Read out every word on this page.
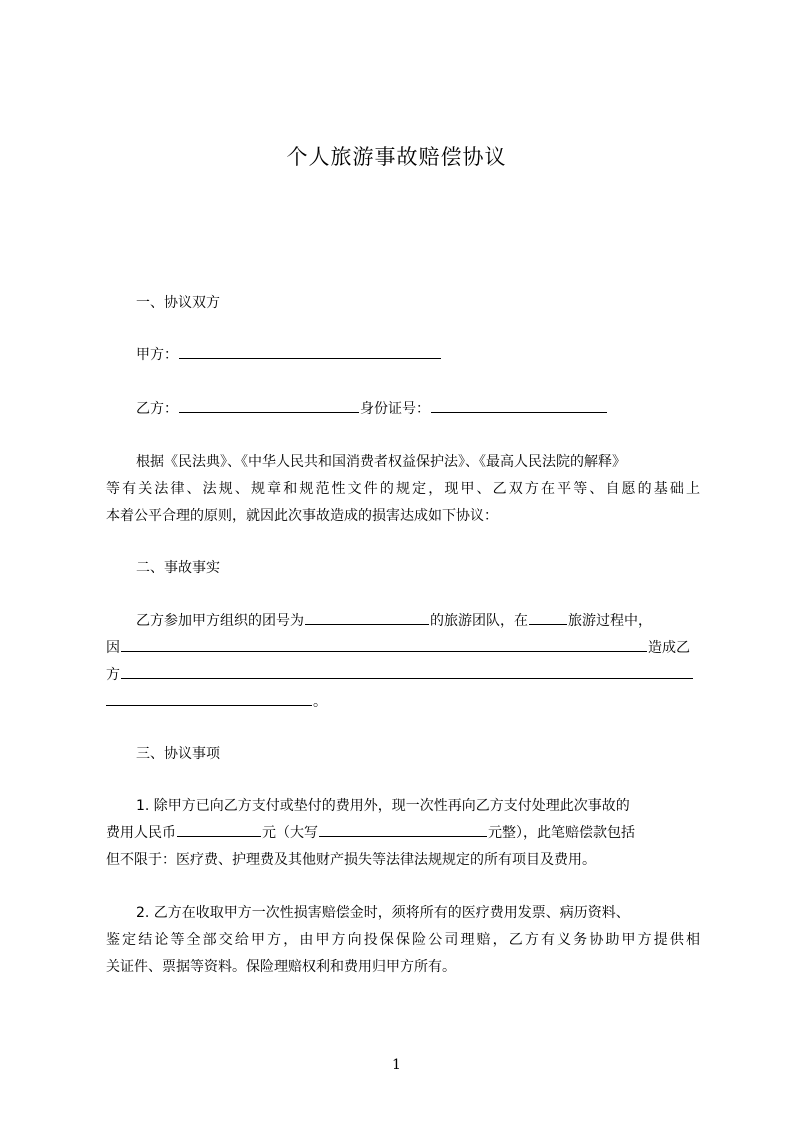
个人旅游事故赔偿协议
一、协议双方
甲方：
乙方：	身份证号：
根据《民法典》、《中华人民共和国消费者权益保护法》、《最高人民法院的解释》
等有关法律、法规、规章和规范性文件的规定，现甲、乙双方在平等、自愿的基础上
本着公平合理的原则，就因此次事故造成的损害达成如下协议：
二、事故事实
乙方参加甲方组织的团号为	的旅游团队，在	旅游过程中，
因	造成乙
方
。
三、协议事项
1. 除甲方已向乙方支付或垫付的费用外，现一次性再向乙方支付处理此次事故的
费用人民币	元（大写	元整），此笔赔偿款包括
但不限于：医疗费、护理费及其他财产损失等法律法规规定的所有项目及费用。
2. 乙方在收取甲方一次性损害赔偿金时，须将所有的医疗费用发票、病历资料、
鉴定结论等全部交给甲方，由甲方向投保保险公司理赔，乙方有义务协助甲方提供相
关证件、票据等资料。保险理赔权利和费用归甲方所有。
1
